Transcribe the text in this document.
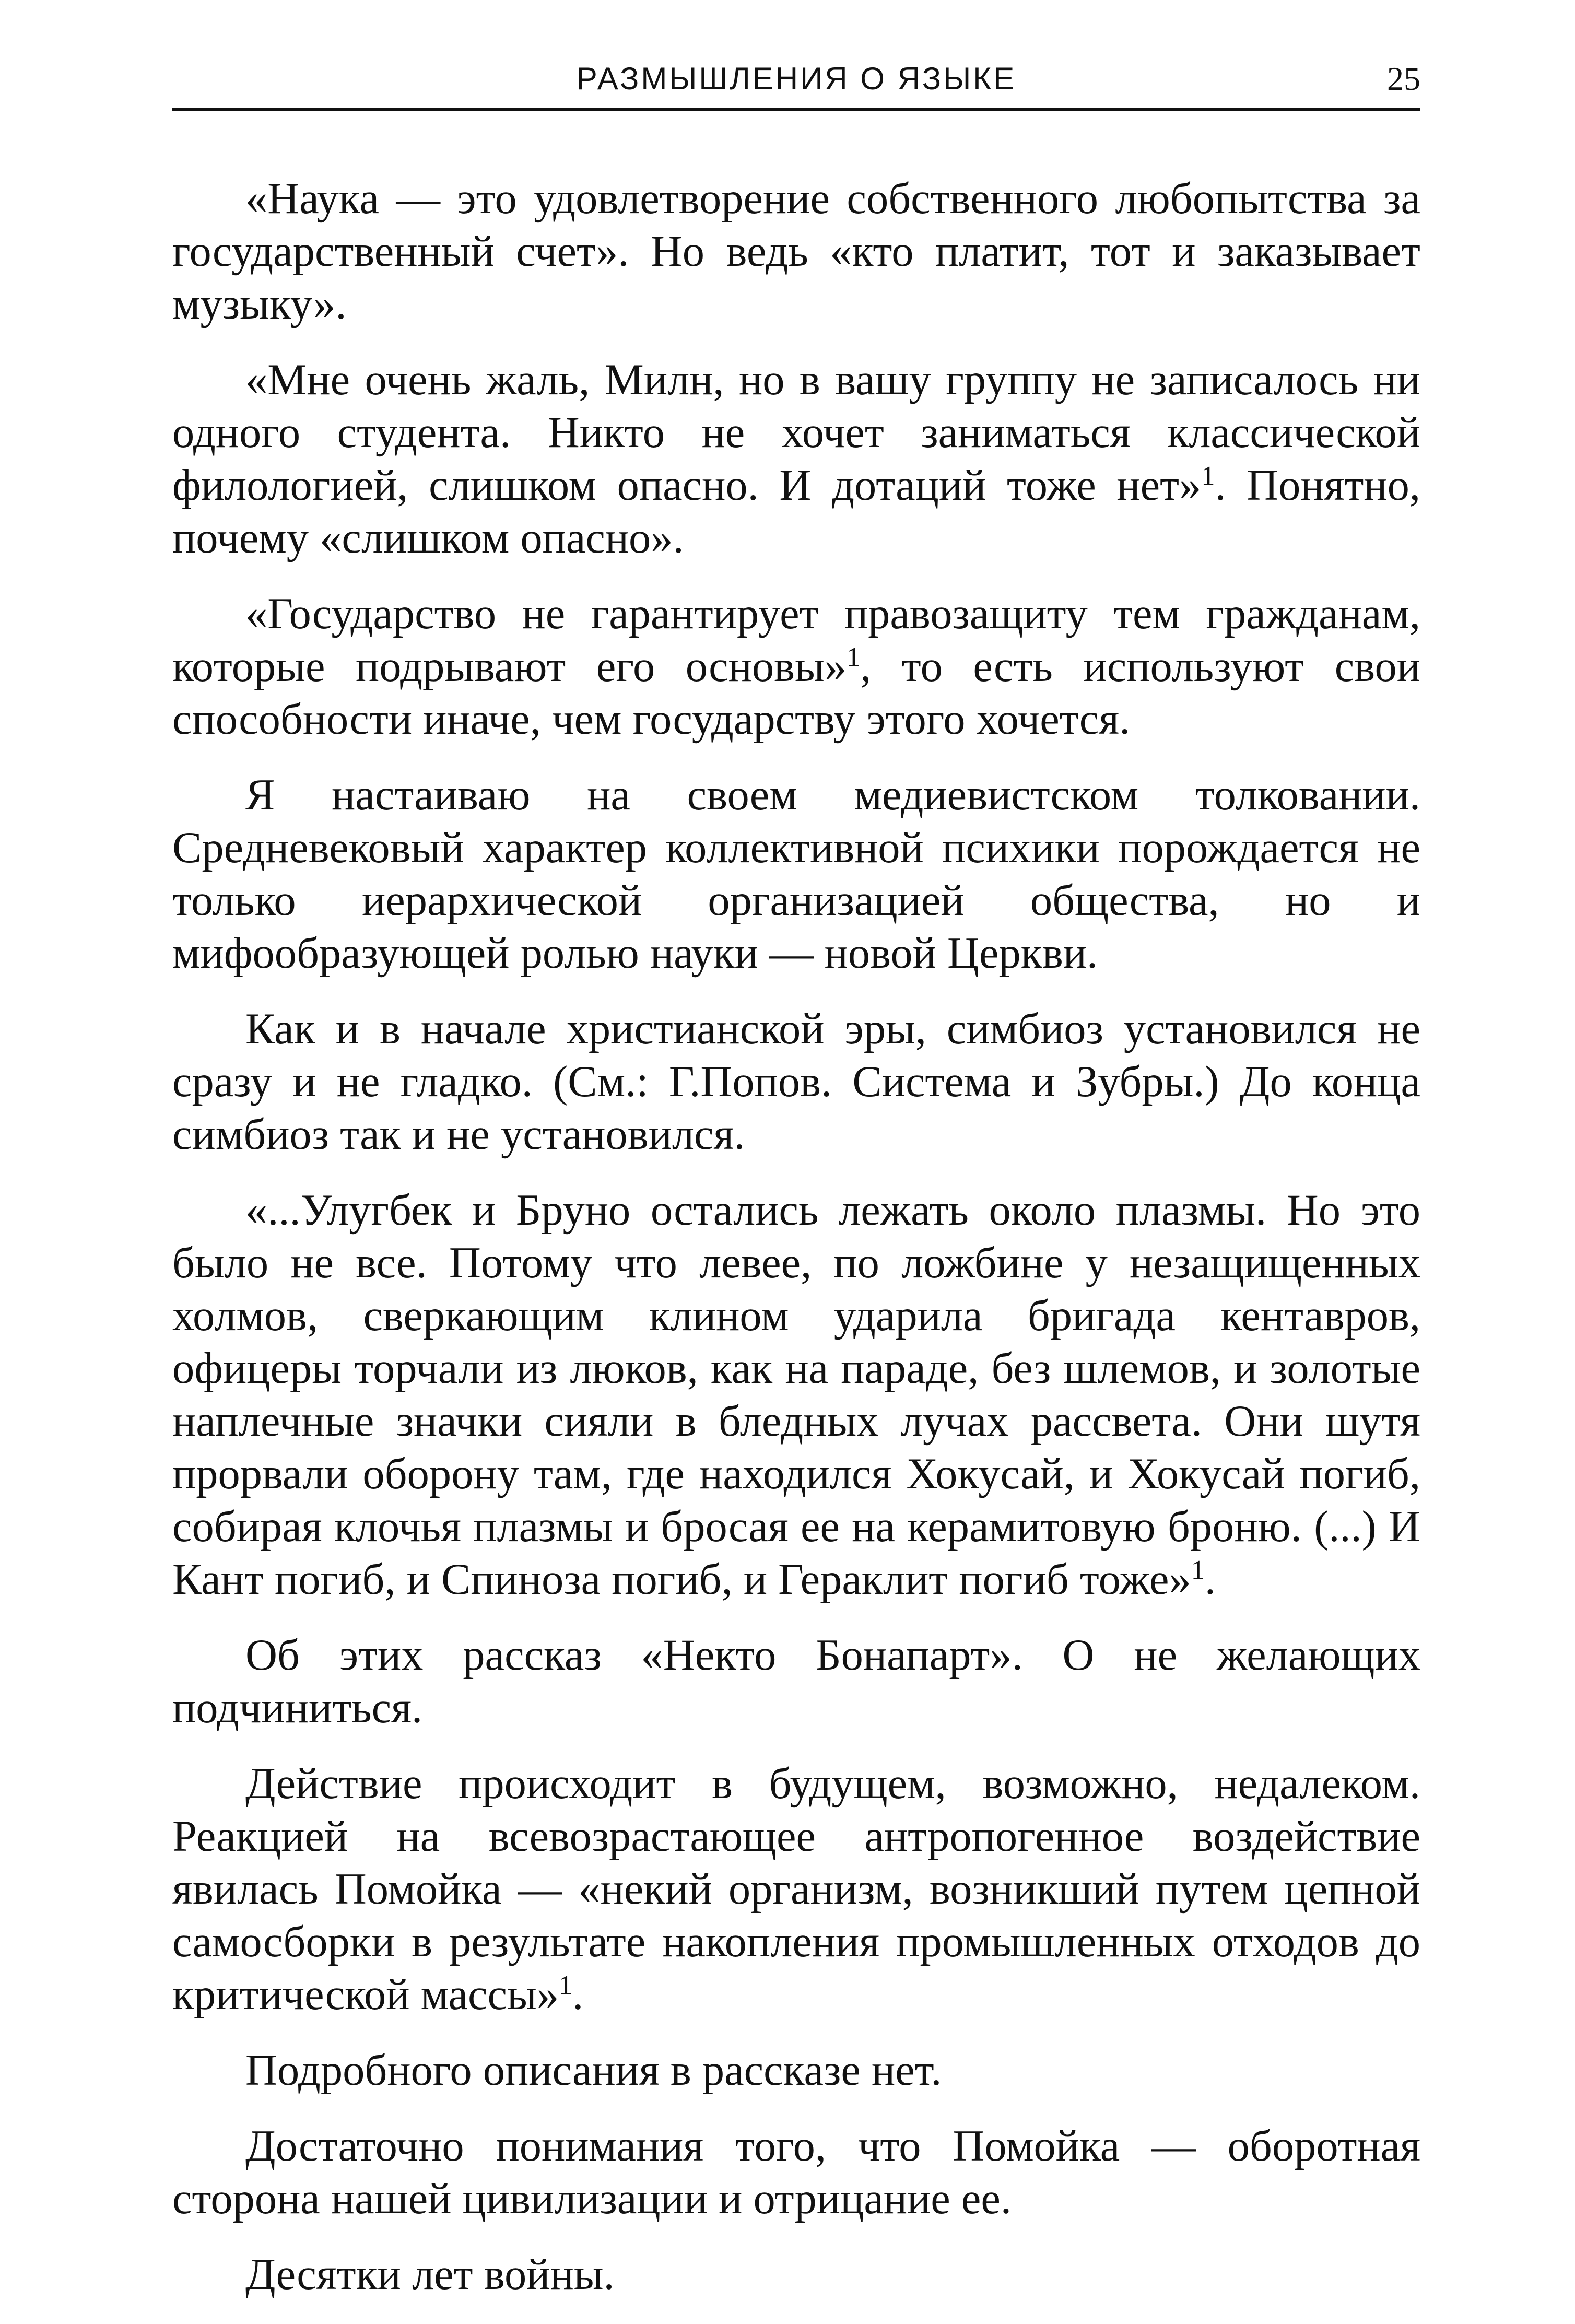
РАЗМЫШЛЕНИЯ О ЯЗЫКЕ	25

«Наука — это удовлетворение собственного любопытства за государственный счет». Но ведь «кто платит, тот и заказывает музыку».

«Мне очень жаль, Милн, но в вашу группу не записалось ни одного студента. Никто не хочет заниматься классической филологией, слишком опасно. И дотаций тоже нет»$^1$. Понятно, почему «слишком опасно».

«Государство не гарантирует правозащиту тем гражданам, которые подрывают его основы»$^1$, то есть используют свои способности иначе, чем государству этого хочется.

Я настаиваю на своем медиевистском толковании. Средневековый характер коллективной психики порождается не только иерархической организацией общества, но и мифообразующей ролью науки — новой Церкви.

Как и в начале христианской эры, симбиоз установился не сразу и не гладко. (См.: Г.Попов. Система и Зубры.) До конца симбиоз так и не установился.

«...Улугбек и Бруно остались лежать около плазмы. Но это было не все. Потому что левее, по ложбине у незащищенных холмов, сверкающим клином ударила бригада кентавров, офицеры торчали из люков, как на параде, без шлемов, и золотые наплечные значки сияли в бледных лучах рассвета. Они шутя прорвали оборону там, где находился Хокусай, и Хокусай погиб, собирая клочья плазмы и бросая ее на керамитовую броню. (...) И Кант погиб, и Спиноза погиб, и Гераклит погиб тоже»$^1$.

Об этих рассказ «Некто Бонапарт». О не желающих подчиниться.

Действие происходит в будущем, возможно, недалеком. Реакцией на всевозрастающее антропогенное воздействие явилась Помойка — «некий организм, возникший путем цепной самосборки в результате накопления промышленных отходов до критической массы»$^1$.

Подробного описания в рассказе нет.

Достаточно понимания того, что Помойка — оборотная сторона нашей цивилизации и отрицание ее.

Десятки лет войны.
